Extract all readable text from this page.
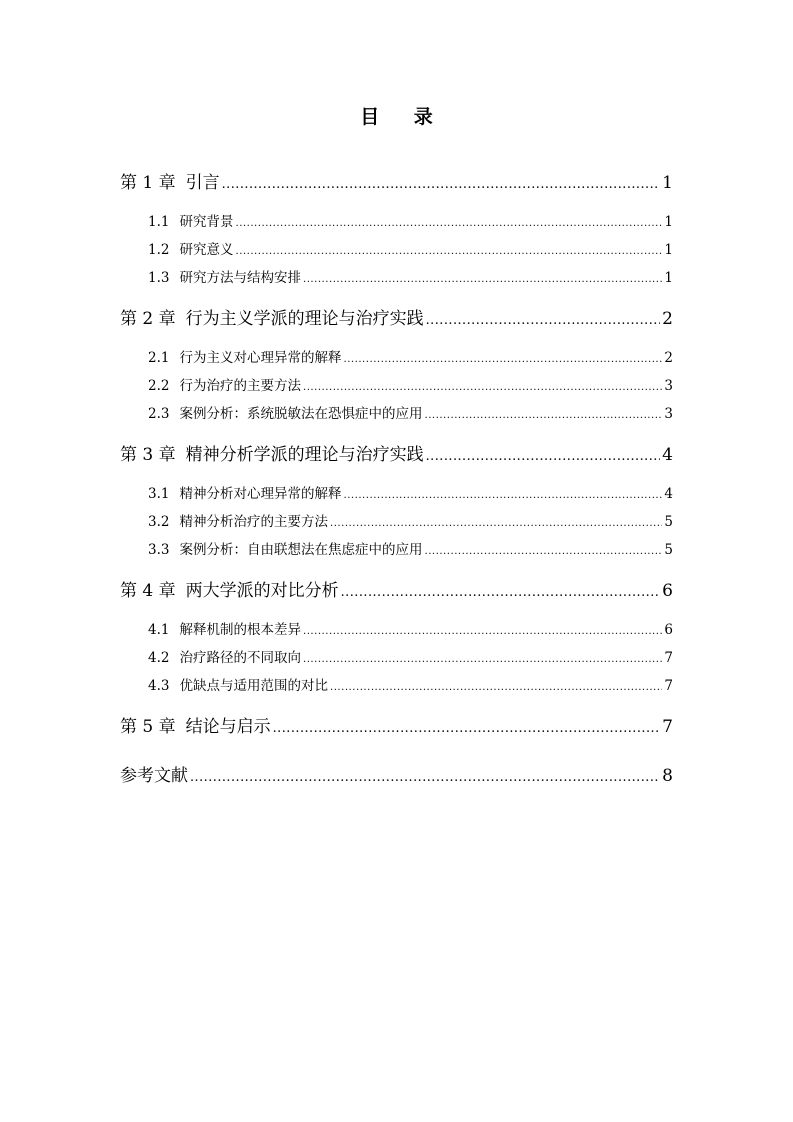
目 录
第 1 章 引言 .....	1
1.1 研究背景 .....	1
1.2 研究意义 .....	1
1.3 研究方法与结构安排 .....	1
第 2 章 行为主义学派的理论与治疗实践 .....	2
2.1 行为主义对心理异常的解释 .....	2
2.2 行为治疗的主要方法 .....	3
2.3 案例分析：系统脱敏法在恐惧症中的应用 .....	3
第 3 章 精神分析学派的理论与治疗实践 .....	4
3.1 精神分析对心理异常的解释 .....	4
3.2 精神分析治疗的主要方法 .....	5
3.3 案例分析：自由联想法在焦虑症中的应用 .....	5
第 4 章 两大学派的对比分析 .....	6
4.1 解释机制的根本差异 .....	6
4.2 治疗路径的不同取向 .....	7
4.3 优缺点与适用范围的对比 .....	7
第 5 章 结论与启示 .....	7
参考文献 .....	8
